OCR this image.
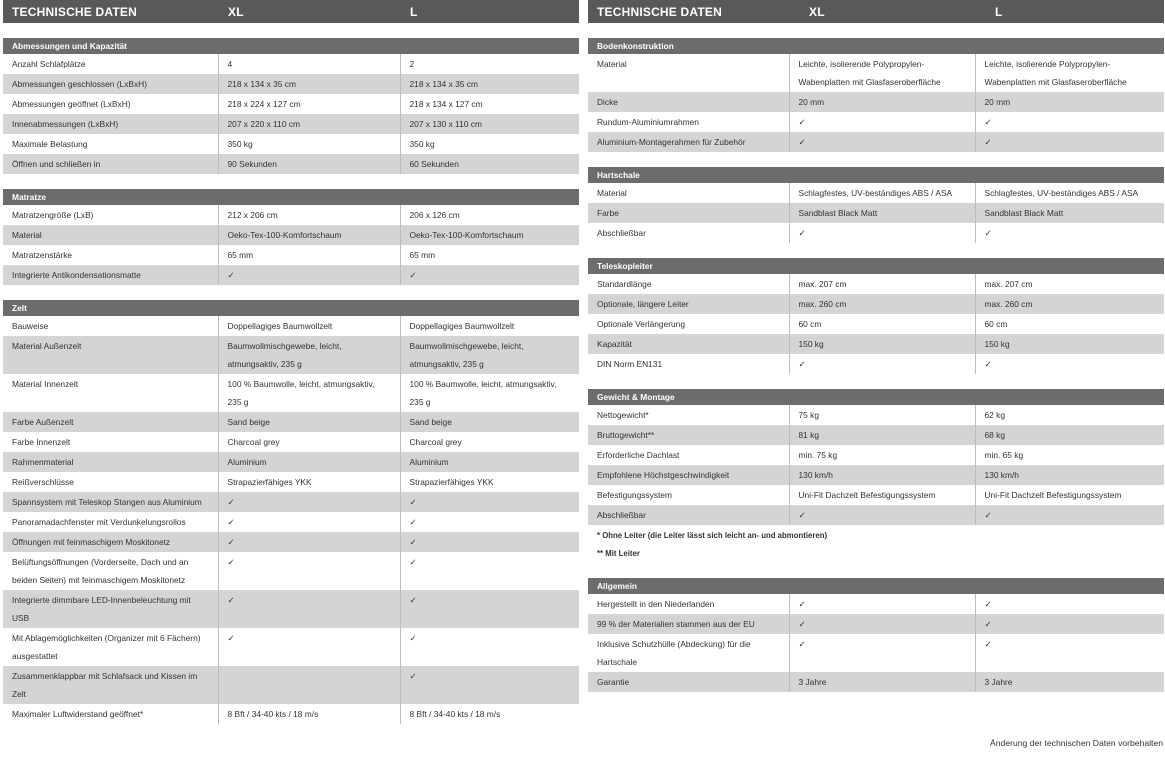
TECHNISCHE DATEN	XL	L
Abmessungen und Kapazität
Anzahl Schlafplätze	4	2
Abmessungen geschlossen (LxBxH)	218 x 134 x 35 cm	218 x 134 x 35 cm
Abmessungen geöffnet (LxBxH)	218 x 224 x 127 cm	218 x 134 x 127 cm
Innenabmessungen (LxBxH)	207 x 220 x 110 cm	207 x 130 x 110 cm
Maximale Belastung	350 kg	350 kg
Öffnen und schließen in	90 Sekunden	60 Sekunden
Matratze
Matratzengröße (LxB)	212 x 206 cm	206 x 126 cm
Material	Oeko-Tex-100-Komfortschaum	Oeko-Tex-100-Komfortschaum
Matratzenstärke	65 mm	65 mm
Integrierte Antikondensationsmatte	✓	✓
Zelt
Bauweise	Doppellagiges Baumwollzelt	Doppellagiges Baumwollzelt
Material Außenzelt	Baumwollmischgewebe, leicht, atmungsaktiv, 235 g	Baumwollmischgewebe, leicht, atmungsaktiv, 235 g
Material Innenzelt	100 % Baumwolle, leicht, atmungsaktiv, 235 g	100 % Baumwolle, leicht, atmungsaktiv, 235 g
Farbe Außenzelt	Sand beige	Sand beige
Farbe Innenzelt	Charcoal grey	Charcoal grey
Rahmenmaterial	Aluminium	Aluminium
Reißverschlüsse	Strapazierfähiges YKK	Strapazierfähiges YKK
Spannsystem mit Teleskop Stangen aus Aluminium	✓	✓
Panoramadachfenster mit Verdunkelungsrollos	✓	✓
Öffnungen mit feinmaschigem Moskitonetz	✓	✓
Belüftungsöffnungen (Vorderseite, Dach und an beiden Seiten) mit feinmaschigem Moskitonetz	✓	✓
Integrierte dimmbare LED-Innenbeleuchtung mit USB	✓	✓
Mit Ablagemöglichkeiten (Organizer mit 6 Fächern) ausgestattet	✓	✓
Zusammenklappbar mit Schlafsack und Kissen im Zelt		✓
Maximaler Luftwiderstand geöffnet*	8 Bft / 34-40 kts / 18 m/s	8 Bft / 34-40 kts / 18 m/s
TECHNISCHE DATEN	XL	L
Bodenkonstruktion
Material	Leichte, isolierende Polypropylen-Wabenplatten mit Glasfaseroberfläche	Leichte, isolierende Polypropylen-Wabenplatten mit Glasfaseroberfläche
Dicke	20 mm	20 mm
Rundum-Aluminiumrahmen	✓	✓
Aluminium-Montagerahmen für Zubehör	✓	✓
Hartschale
Material	Schlagfestes, UV-beständiges ABS / ASA	Schlagfestes, UV-beständiges ABS / ASA
Farbe	Sandblast Black Matt	Sandblast Black Matt
Abschließbar	✓	✓
Teleskopleiter
Standardlänge	max. 207 cm	max. 207 cm
Optionale, längere Leiter	max. 260 cm	max. 260 cm
Optionale Verlängerung	60 cm	60 cm
Kapazität	150 kg	150 kg
DIN Norm EN131	✓	✓
Gewicht & Montage
Nettogewicht*	75 kg	62 kg
Bruttogewicht**	81 kg	68 kg
Erforderliche Dachlast	min. 75 kg	min. 65 kg
Empfohlene Höchstgeschwindigkeit	130 km/h	130 km/h
Befestigungssystem	Uni-Fit Dachzelt Befestigungssystem	Uni-Fit Dachzelt Befestigungssystem
Abschließbar	✓	✓
* Ohne Leiter (die Leiter lässt sich leicht an- und abmontieren)
** Mit Leiter
Allgemein
Hergestellt in den Niederlanden	✓	✓
99 % der Materialien stammen aus der EU	✓	✓
Inklusive Schutzhülle (Abdeckung) für die Hartschale	✓	✓
Garantie	3 Jahre	3 Jahre
Änderung der technischen Daten vorbehalten
